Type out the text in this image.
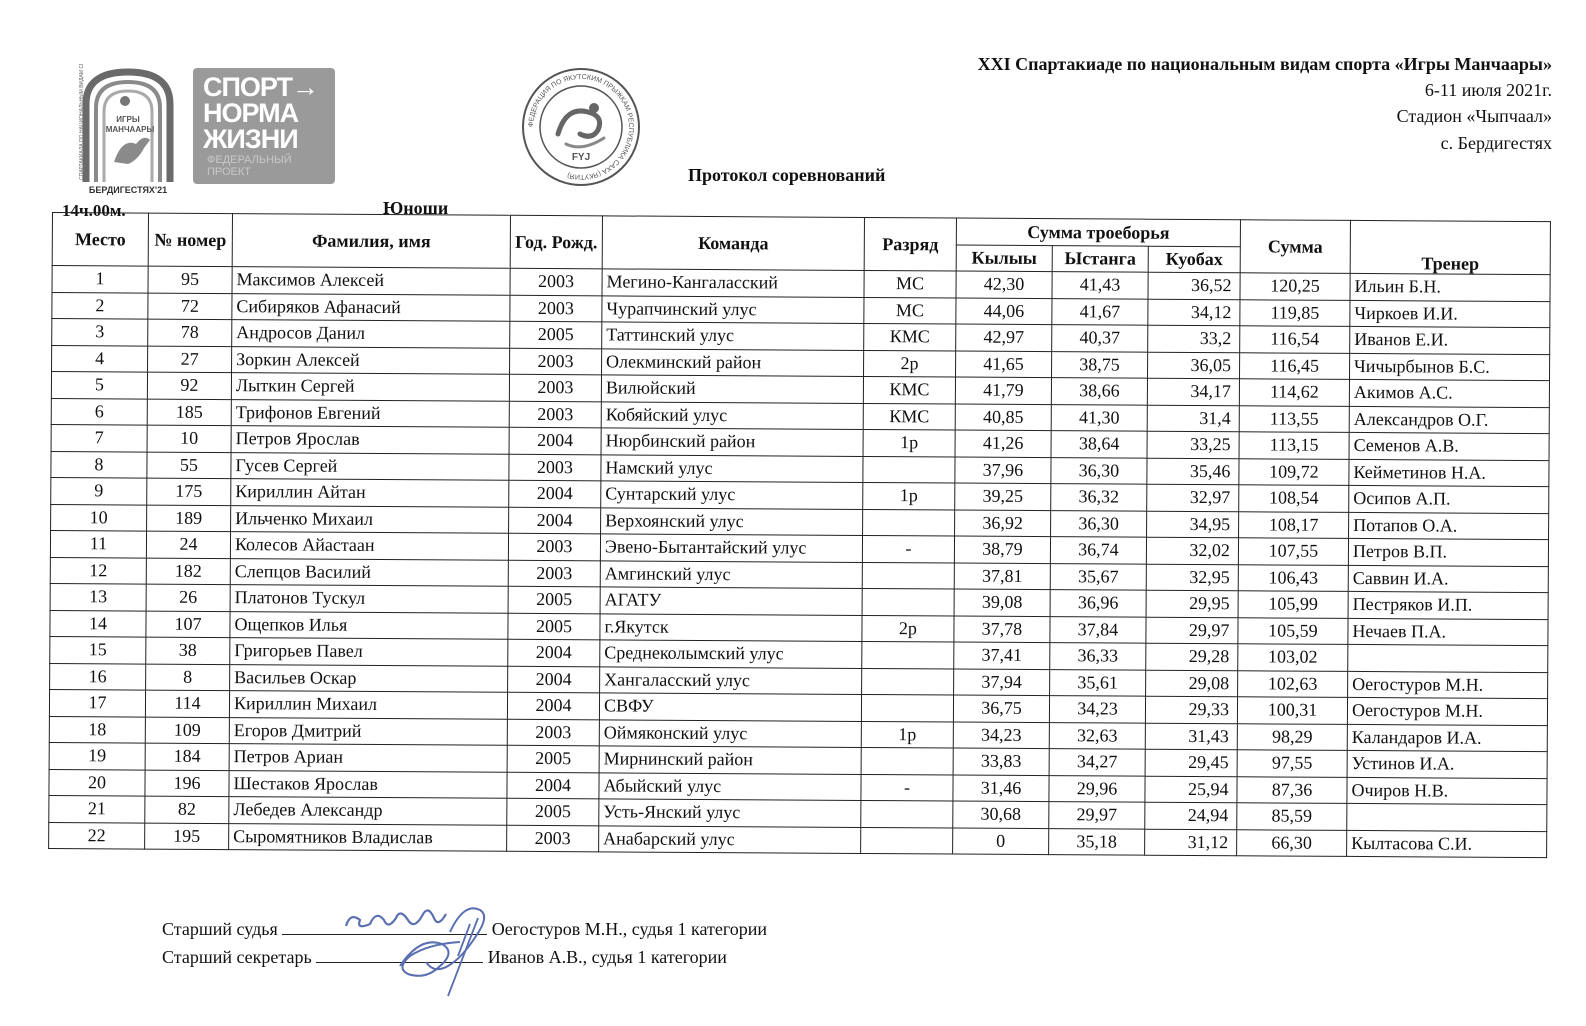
ИГРЫ
МАНЧААРЫ
БЕРДИГЕСТЯХ'21
СПАРТАКИАДА ПО НАЦИОНАЛЬНЫМ ВИДАМ СПОРТА	СПОРТ→
НОРМА
ЖИЗНИ
ФЕДЕРАЛЬНЫЙ
ПРОЕКТ
ФЕДЕРАЦИЯ ПО ЯКУТСКИМ ПРЫЖКАМ РЕСПУБЛИКА САХА (ЯКУТИЯ)
FYJ
XXI Спартакиаде по национальным видам спорта «Игры Манчаары»
6-11 июля 2021г.
Стадион «Чыпчаал»
с. Бердигестях
Протокол соревнований
14ч.00м.	Юноши
Место	№ номер	Фамилия, имя	Год. Рожд.	Команда	Разряд	Сумма троеборья			Сумма	Тренер
						Кылыы	Ыстанга	Куобах		
1	95	Максимов Алексей	2003	Мегино-Кангаласский	МС	42,30	41,43	36,52	120,25	Ильин Б.Н.
2	72	Сибиряков Афанасий	2003	Чурапчинский улус	МС	44,06	41,67	34,12	119,85	Чиркоев И.И.
3	78	Андросов Данил	2005	Таттинский улус	КМС	42,97	40,37	33,2	116,54	Иванов Е.И.
4	27	Зоркин Алексей	2003	Олекминский район	2р	41,65	38,75	36,05	116,45	Чичырбынов Б.С.
5	92	Лыткин Сергей	2003	Вилюйский	КМС	41,79	38,66	34,17	114,62	Акимов А.С.
6	185	Трифонов Евгений	2003	Кобяйский улус	КМС	40,85	41,30	31,4	113,55	Александров О.Г.
7	10	Петров Ярослав	2004	Нюрбинский район	1р	41,26	38,64	33,25	113,15	Семенов А.В.
8	55	Гусев Сергей	2003	Намский улус		37,96	36,30	35,46	109,72	Кейметинов Н.А.
9	175	Кириллин Айтан	2004	Сунтарский улус	1р	39,25	36,32	32,97	108,54	Осипов А.П.
10	189	Ильченко Михаил	2004	Верхоянский улус		36,92	36,30	34,95	108,17	Потапов О.А.
11	24	Колесов Айастаан	2003	Эвено-Бытантайский улус	-	38,79	36,74	32,02	107,55	Петров В.П.
12	182	Слепцов Василий	2003	Амгинский улус		37,81	35,67	32,95	106,43	Саввин И.А.
13	26	Платонов Тускул	2005	АГАТУ		39,08	36,96	29,95	105,99	Пестряков И.П.
14	107	Ощепков Илья	2005	г.Якутск	2р	37,78	37,84	29,97	105,59	Нечаев П.А.
15	38	Григорьев Павел	2004	Среднеколымский улус		37,41	36,33	29,28	103,02	
16	8	Васильев Оскар	2004	Хангаласский улус		37,94	35,61	29,08	102,63	Оегостуров М.Н.
17	114	Кириллин Михаил	2004	СВФУ		36,75	34,23	29,33	100,31	Оегостуров М.Н.
18	109	Егоров Дмитрий	2003	Оймяконский улус	1р	34,23	32,63	31,43	98,29	Каландаров И.А.
19	184	Петров Ариан	2005	Мирнинский район		33,83	34,27	29,45	97,55	Устинов И.А.
20	196	Шестаков Ярослав	2004	Абыйский улус	-	31,46	29,96	25,94	87,36	Очиров Н.В.
21	82	Лебедев Александр	2005	Усть-Янский улус		30,68	29,97	24,94	85,59	
22	195	Сыромятников Владислав	2003	Анабарский улус		0	35,18	31,12	66,30	Кылтасова С.И.
Старший судья	Оегостуров М.Н., судья 1 категории
Старший секретарь	Иванов А.В., судья 1 категории
